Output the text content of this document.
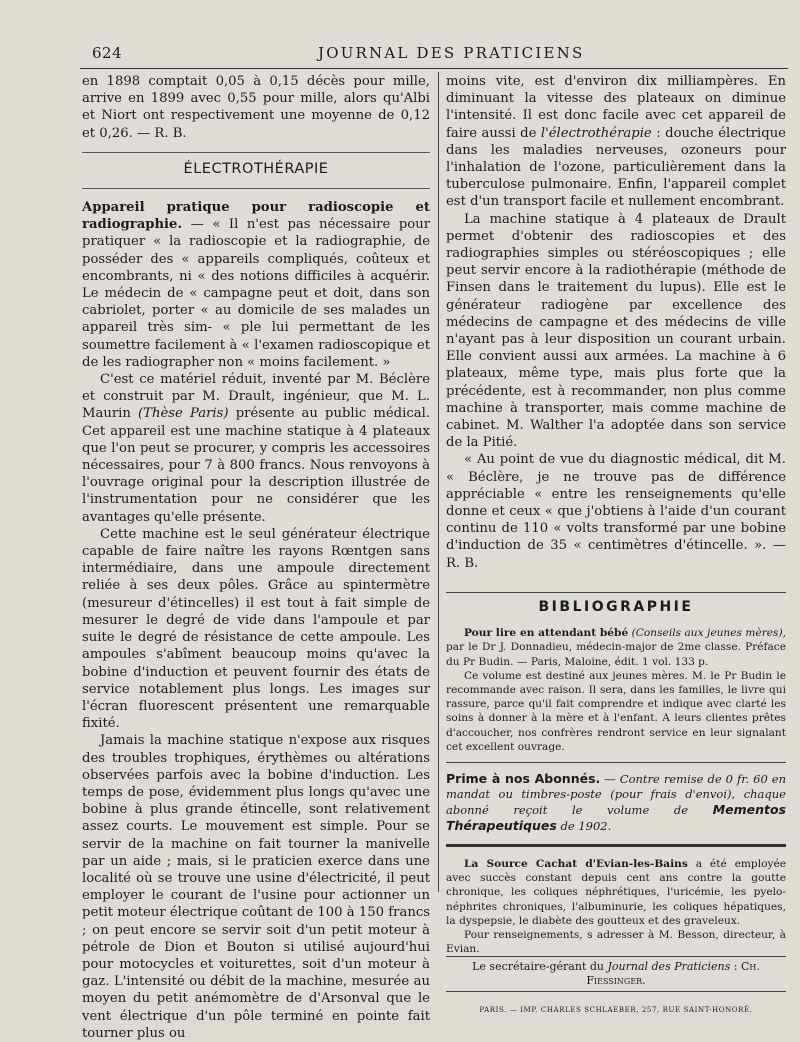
624	JOURNAL DES PRATICIENS

en 1898 comptait 0,05 à 0,15 décès pour mille, arrive en 1899 avec 0,55 pour mille, alors qu'Albi et Niort ont respectivement une moyenne de 0,12 et 0,26. — R. B.

ÉLECTROTHÉRAPIE

Appareil pratique pour radioscopie et radiographie. — « Il n'est pas nécessaire pour pratiquer « la radioscopie et la radiographie, de posséder des « appareils compliqués, coûteux et encombrants, ni « des notions difficiles à acquérir. Le médecin de « campagne peut et doit, dans son cabriolet, porter « au domicile de ses malades un appareil très sim- « ple lui permettant de les soumettre facilement à « l'examen radioscopique et de les radiographer non « moins facilement. »

C'est ce matériel réduit, inventé par M. Béclère et construit par M. Drault, ingénieur, que M. L. Maurin (Thèse Paris) présente au public médical. Cet appareil est une machine statique à 4 plateaux que l'on peut se procurer, y compris les accessoires nécessaires, pour 7 à 800 francs. Nous renvoyons à l'ouvrage original pour la description illustrée de l'instrumentation pour ne considérer que les avantages qu'elle présente.

Cette machine est le seul générateur électrique capable de faire naître les rayons Rœntgen sans intermédiaire, dans une ampoule directement reliée à ses deux pôles. Grâce au spintermètre (mesureur d'étincelles) il est tout à fait simple de mesurer le degré de vide dans l'ampoule et par suite le degré de résistance de cette ampoule. Les ampoules s'abîment beaucoup moins qu'avec la bobine d'induction et peuvent fournir des états de service notablement plus longs. Les images sur l'écran fluorescent présentent une remarquable fixité.

Jamais la machine statique n'expose aux risques des troubles trophiques, érythèmes ou altérations observées parfois avec la bobine d'induction. Les temps de pose, évidemment plus longs qu'avec une bobine à plus grande étincelle, sont relativement assez courts. Le mouvement est simple. Pour se servir de la machine on fait tourner la manivelle par un aide ; mais, si le praticien exerce dans une localité où se trouve une usine d'électricité, il peut employer le courant de l'usine pour actionner un petit moteur électrique coûtant de 100 à 150 francs ; on peut encore se servir soit d'un petit moteur à pétrole de Dion et Bouton si utilisé aujourd'hui pour motocycles et voiturettes, soit d'un moteur à gaz. L'intensité ou débit de la machine, mesurée au moyen du petit anémomètre de d'Arsonval que le vent électrique d'un pôle terminé en pointe fait tourner plus ou

moins vite, est d'environ dix milliampères. En diminuant la vitesse des plateaux on diminue l'intensité. Il est donc facile avec cet appareil de faire aussi de l'électrothérapie : douche électrique dans les maladies nerveuses, ozoneurs pour l'inhalation de l'ozone, particulièrement dans la tuberculose pulmonaire. Enfin, l'appareil complet est d'un transport facile et nullement encombrant.

La machine statique à 4 plateaux de Drault permet d'obtenir des radioscopies et des radiographies simples ou stéréoscopiques ; elle peut servir encore à la radiothérapie (méthode de Finsen dans le traitement du lupus). Elle est le générateur radiogène par excellence des médecins de campagne et des médecins de ville n'ayant pas à leur disposition un courant urbain. Elle convient aussi aux armées. La machine à 6 plateaux, même type, mais plus forte que la précédente, est à recommander, non plus comme machine à transporter, mais comme machine de cabinet. M. Walther l'a adoptée dans son service de la Pitié.

« Au point de vue du diagnostic médical, dit M. « Béclère, je ne trouve pas de différence appréciable « entre les renseignements qu'elle donne et ceux « que j'obtiens à l'aide d'un courant continu de 110 « volts transformé par une bobine d'induction de 35 « centimètres d'étincelle. ». — R. B.

BIBLIOGRAPHIE

Pour lire en attendant bébé (Conseils aux jeunes mères), par le Dr J. Donnadieu, médecin-major de 2me classe. Préface du Pr Budin. — Paris, Maloine, édit. 1 vol. 133 p.

Ce volume est destiné aux jeunes mères. M. le Pr Budin le recommande avec raison. Il sera, dans les familles, le livre qui rassure, parce qu'il fait comprendre et indique avec clarté les soins à donner à la mère et à l'enfant. A leurs clientes prêtes d'accoucher, nos confrères rendront service en leur signalant cet excellent ouvrage.

Prime à nos Abonnés. — Contre remise de 0 fr. 60 en mandat ou timbres-poste (pour frais d'envoi), chaque abonné reçoit le volume de Mementos Thérapeutiques de 1902.

La Source Cachat d'Evian-les-Bains a été employée avec succès constant depuis cent ans contre la goutte chronique, les coliques néphrétiques, l'uricémie, les pyelo-néphrites chroniques, l'albuminurie, les coliques hépatiques, la dyspepsie, le diabète des goutteux et des graveleux.

Pour renseignements, s adresser à M. Besson, directeur, à Evian.

Le secrétaire-gérant du Journal des Praticiens : Ch. Fiessinger.

PARIS. — IMP. CHARLES SCHLAEBER, 257, RUE SAINT-HONORÉ.
